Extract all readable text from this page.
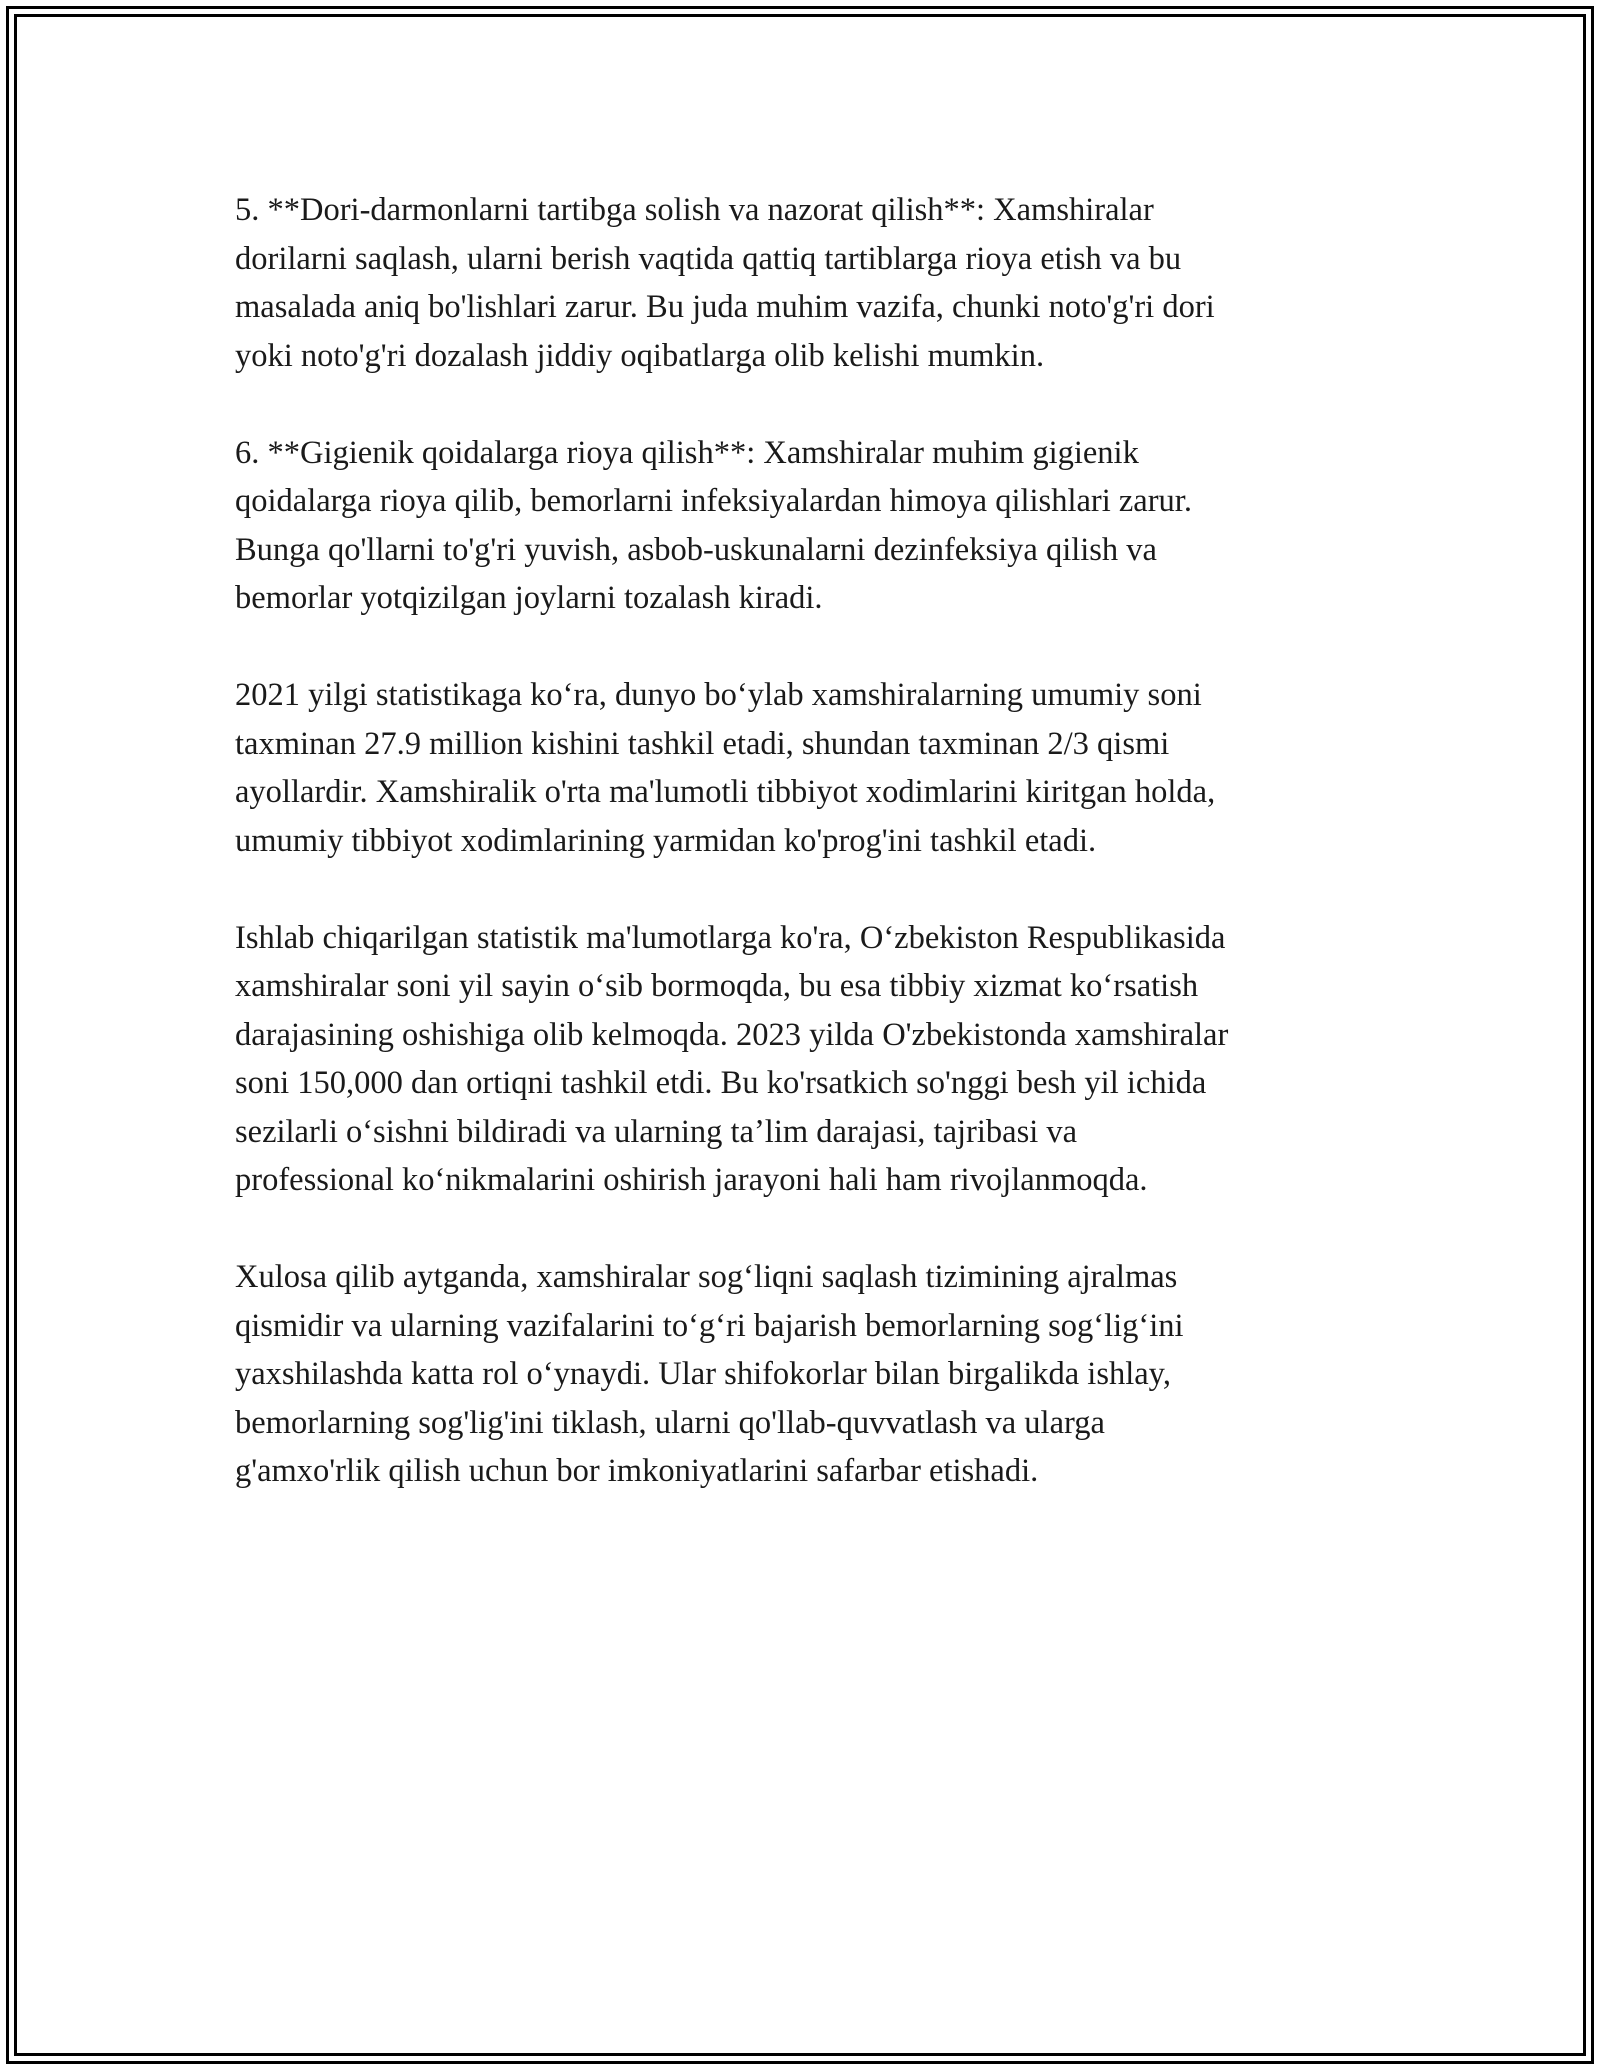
5. **Dori-darmonlarni tartibga solish va nazorat qilish**: Xamshiralar
dorilarni saqlash, ularni berish vaqtida qattiq tartiblarga rioya etish va bu
masalada aniq bo'lishlari zarur. Bu juda muhim vazifa, chunki noto'g'ri dori
yoki noto'g'ri dozalash jiddiy oqibatlarga olib kelishi mumkin.

6. **Gigienik qoidalarga rioya qilish**: Xamshiralar muhim gigienik
qoidalarga rioya qilib, bemorlarni infeksiyalardan himoya qilishlari zarur.
Bunga qo'llarni to'g'ri yuvish, asbob-uskunalarni dezinfeksiya qilish va
bemorlar yotqizilgan joylarni tozalash kiradi.

2021 yilgi statistikaga koʻra, dunyo boʻylab xamshiralarning umumiy soni
taxminan 27.9 million kishini tashkil etadi, shundan taxminan 2/3 qismi
ayollardir. Xamshiralik o'rta ma'lumotli tibbiyot xodimlarini kiritgan holda,
umumiy tibbiyot xodimlarining yarmidan ko'prog'ini tashkil etadi.

Ishlab chiqarilgan statistik ma'lumotlarga ko'ra, Oʻzbekiston Respublikasida
xamshiralar soni yil sayin oʻsib bormoqda, bu esa tibbiy xizmat koʻrsatish
darajasining oshishiga olib kelmoqda. 2023 yilda O'zbekistonda xamshiralar
soni 150,000 dan ortiqni tashkil etdi. Bu ko'rsatkich so'nggi besh yil ichida
sezilarli oʻsishni bildiradi va ularning taʼlim darajasi, tajribasi va
professional koʻnikmalarini oshirish jarayoni hali ham rivojlanmoqda.

Xulosa qilib aytganda, xamshiralar sogʻliqni saqlash tizimining ajralmas
qismidir va ularning vazifalarini toʻgʻri bajarish bemorlarning sogʻligʻini
yaxshilashda katta rol oʻynaydi. Ular shifokorlar bilan birgalikda ishlay,
bemorlarning sog'lig'ini tiklash, ularni qo'llab-quvvatlash va ularga
g'amxo'rlik qilish uchun bor imkoniyatlarini safarbar etishadi.
